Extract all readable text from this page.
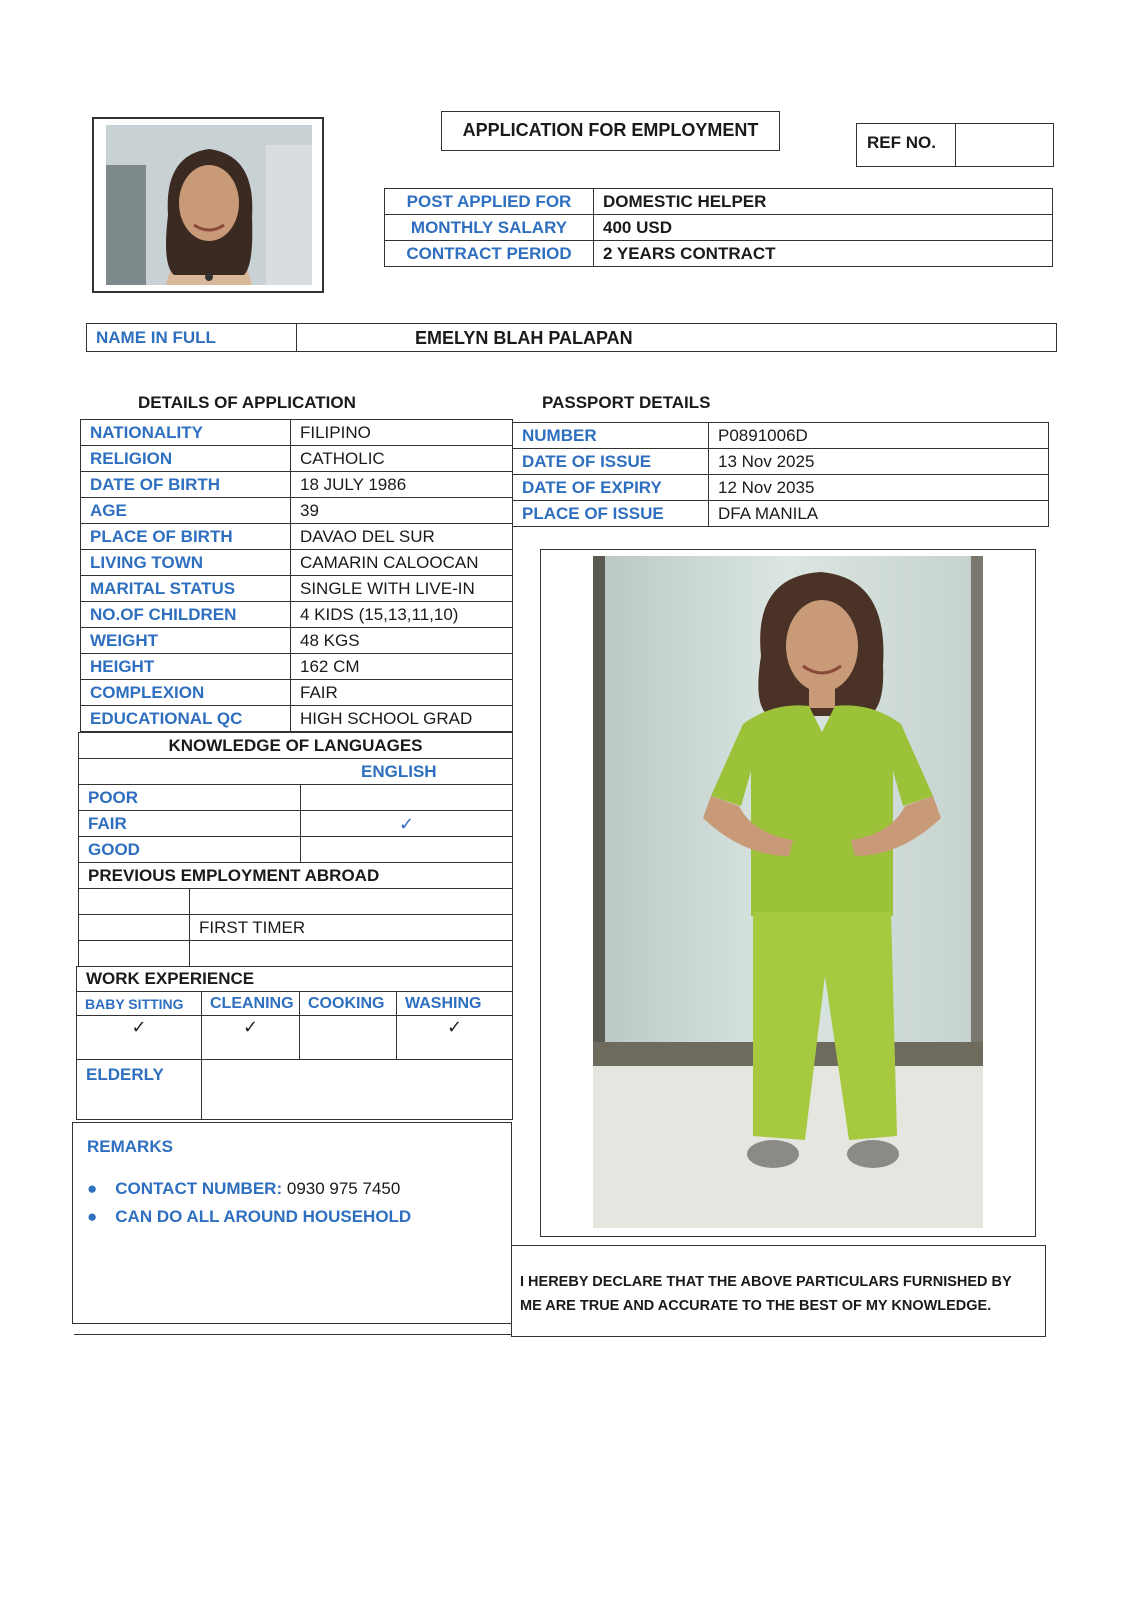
APPLICATION FOR EMPLOYMENT
REF NO.
POST APPLIED FOR	DOMESTIC HELPER
MONTHLY SALARY	400 USD
CONTRACT PERIOD	2 YEARS CONTRACT
NAME IN FULL	EMELYN BLAH PALAPAN
DETAILS OF APPLICATION	PASSPORT DETAILS
NATIONALITY	FILIPINO
RELIGION	CATHOLIC
DATE OF BIRTH	18 JULY 1986
AGE	39
PLACE OF BIRTH	DAVAO DEL SUR
LIVING TOWN	CAMARIN CALOOCAN
MARITAL STATUS	SINGLE WITH LIVE-IN
NO.OF CHILDREN	4 KIDS (15,13,11,10)
WEIGHT	48 KGS
HEIGHT	162 CM
COMPLEXION	FAIR
EDUCATIONAL QC	HIGH SCHOOL GRAD
NUMBER	P0891006D
DATE OF ISSUE	13 Nov 2025
DATE OF EXPIRY	12 Nov 2035
PLACE OF ISSUE	DFA MANILA
KNOWLEDGE OF LANGUAGES	
ENGLISH	
POOR	
FAIR	✓
GOOD	
PREVIOUS EMPLOYMENT ABROAD	

	FIRST TIMER

WORK EXPERIENCE			
BABY SITTING	CLEANING	COOKING	WASHING
✓	✓		✓
ELDERLY			
REMARKS
● CONTACT NUMBER: 0930 975 7450
● CAN DO ALL AROUND HOUSEHOLD
I HEREBY DECLARE THAT THE ABOVE PARTICULARS FURNISHED BY
ME ARE TRUE AND ACCURATE TO THE BEST OF MY KNOWLEDGE.
